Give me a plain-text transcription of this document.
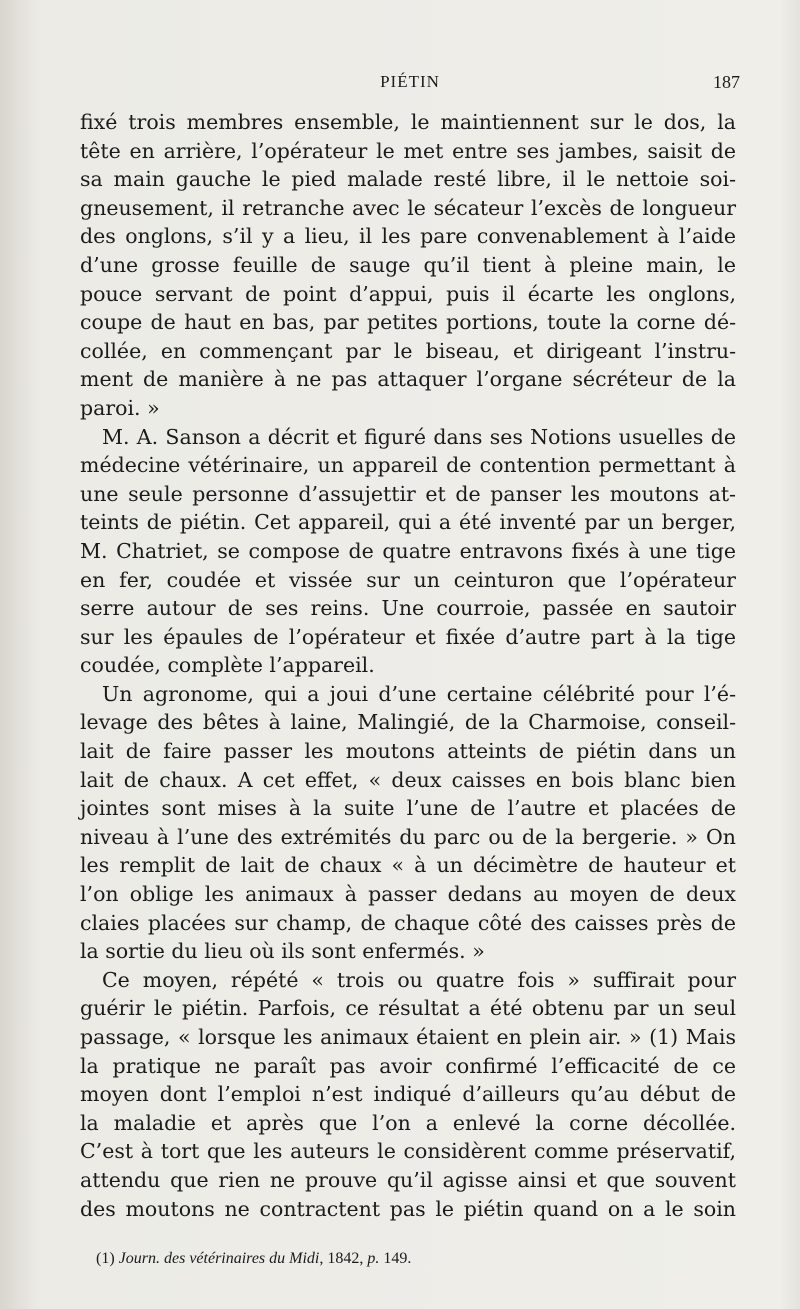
PIÉTIN	187
fixé trois membres ensemble, le maintiennent sur le dos, la
tête en arrière, l’opérateur le met entre ses jambes, saisit de
sa main gauche le pied malade resté libre, il le nettoie soi-
gneusement, il retranche avec le sécateur l’excès de longueur
des onglons, s’il y a lieu, il les pare convenablement à l’aide
d’une grosse feuille de sauge qu’il tient à pleine main, le
pouce servant de point d’appui, puis il écarte les onglons,
coupe de haut en bas, par petites portions, toute la corne dé-
collée, en commençant par le biseau, et dirigeant l’instru-
ment de manière à ne pas attaquer l’organe sécréteur de la
paroi. »
M. A. Sanson a décrit et figuré dans ses Notions usuelles de
médecine vétérinaire, un appareil de contention permettant à
une seule personne d’assujettir et de panser les moutons at-
teints de piétin. Cet appareil, qui a été inventé par un berger,
M. Chatriet, se compose de quatre entravons fixés à une tige
en fer, coudée et vissée sur un ceinturon que l’opérateur
serre autour de ses reins. Une courroie, passée en sautoir
sur les épaules de l’opérateur et fixée d’autre part à la tige
coudée, complète l’appareil.
Un agronome, qui a joui d’une certaine célébrité pour l’é-
levage des bêtes à laine, Malingié, de la Charmoise, conseil-
lait de faire passer les moutons atteints de piétin dans un
lait de chaux. A cet effet, « deux caisses en bois blanc bien
jointes sont mises à la suite l’une de l’autre et placées de
niveau à l’une des extrémités du parc ou de la bergerie. » On
les remplit de lait de chaux « à un décimètre de hauteur et
l’on oblige les animaux à passer dedans au moyen de deux
claies placées sur champ, de chaque côté des caisses près de
la sortie du lieu où ils sont enfermés. »
Ce moyen, répété « trois ou quatre fois » suffirait pour
guérir le piétin. Parfois, ce résultat a été obtenu par un seul
passage, « lorsque les animaux étaient en plein air. » (1) Mais
la pratique ne paraît pas avoir confirmé l’efficacité de ce
moyen dont l’emploi n’est indiqué d’ailleurs qu’au début de
la maladie et après que l’on a enlevé la corne décollée.
C’est à tort que les auteurs le considèrent comme préservatif,
attendu que rien ne prouve qu’il agisse ainsi et que souvent
des moutons ne contractent pas le piétin quand on a le soin
(1) Journ. des vétérinaires du Midi, 1842, p. 149.
